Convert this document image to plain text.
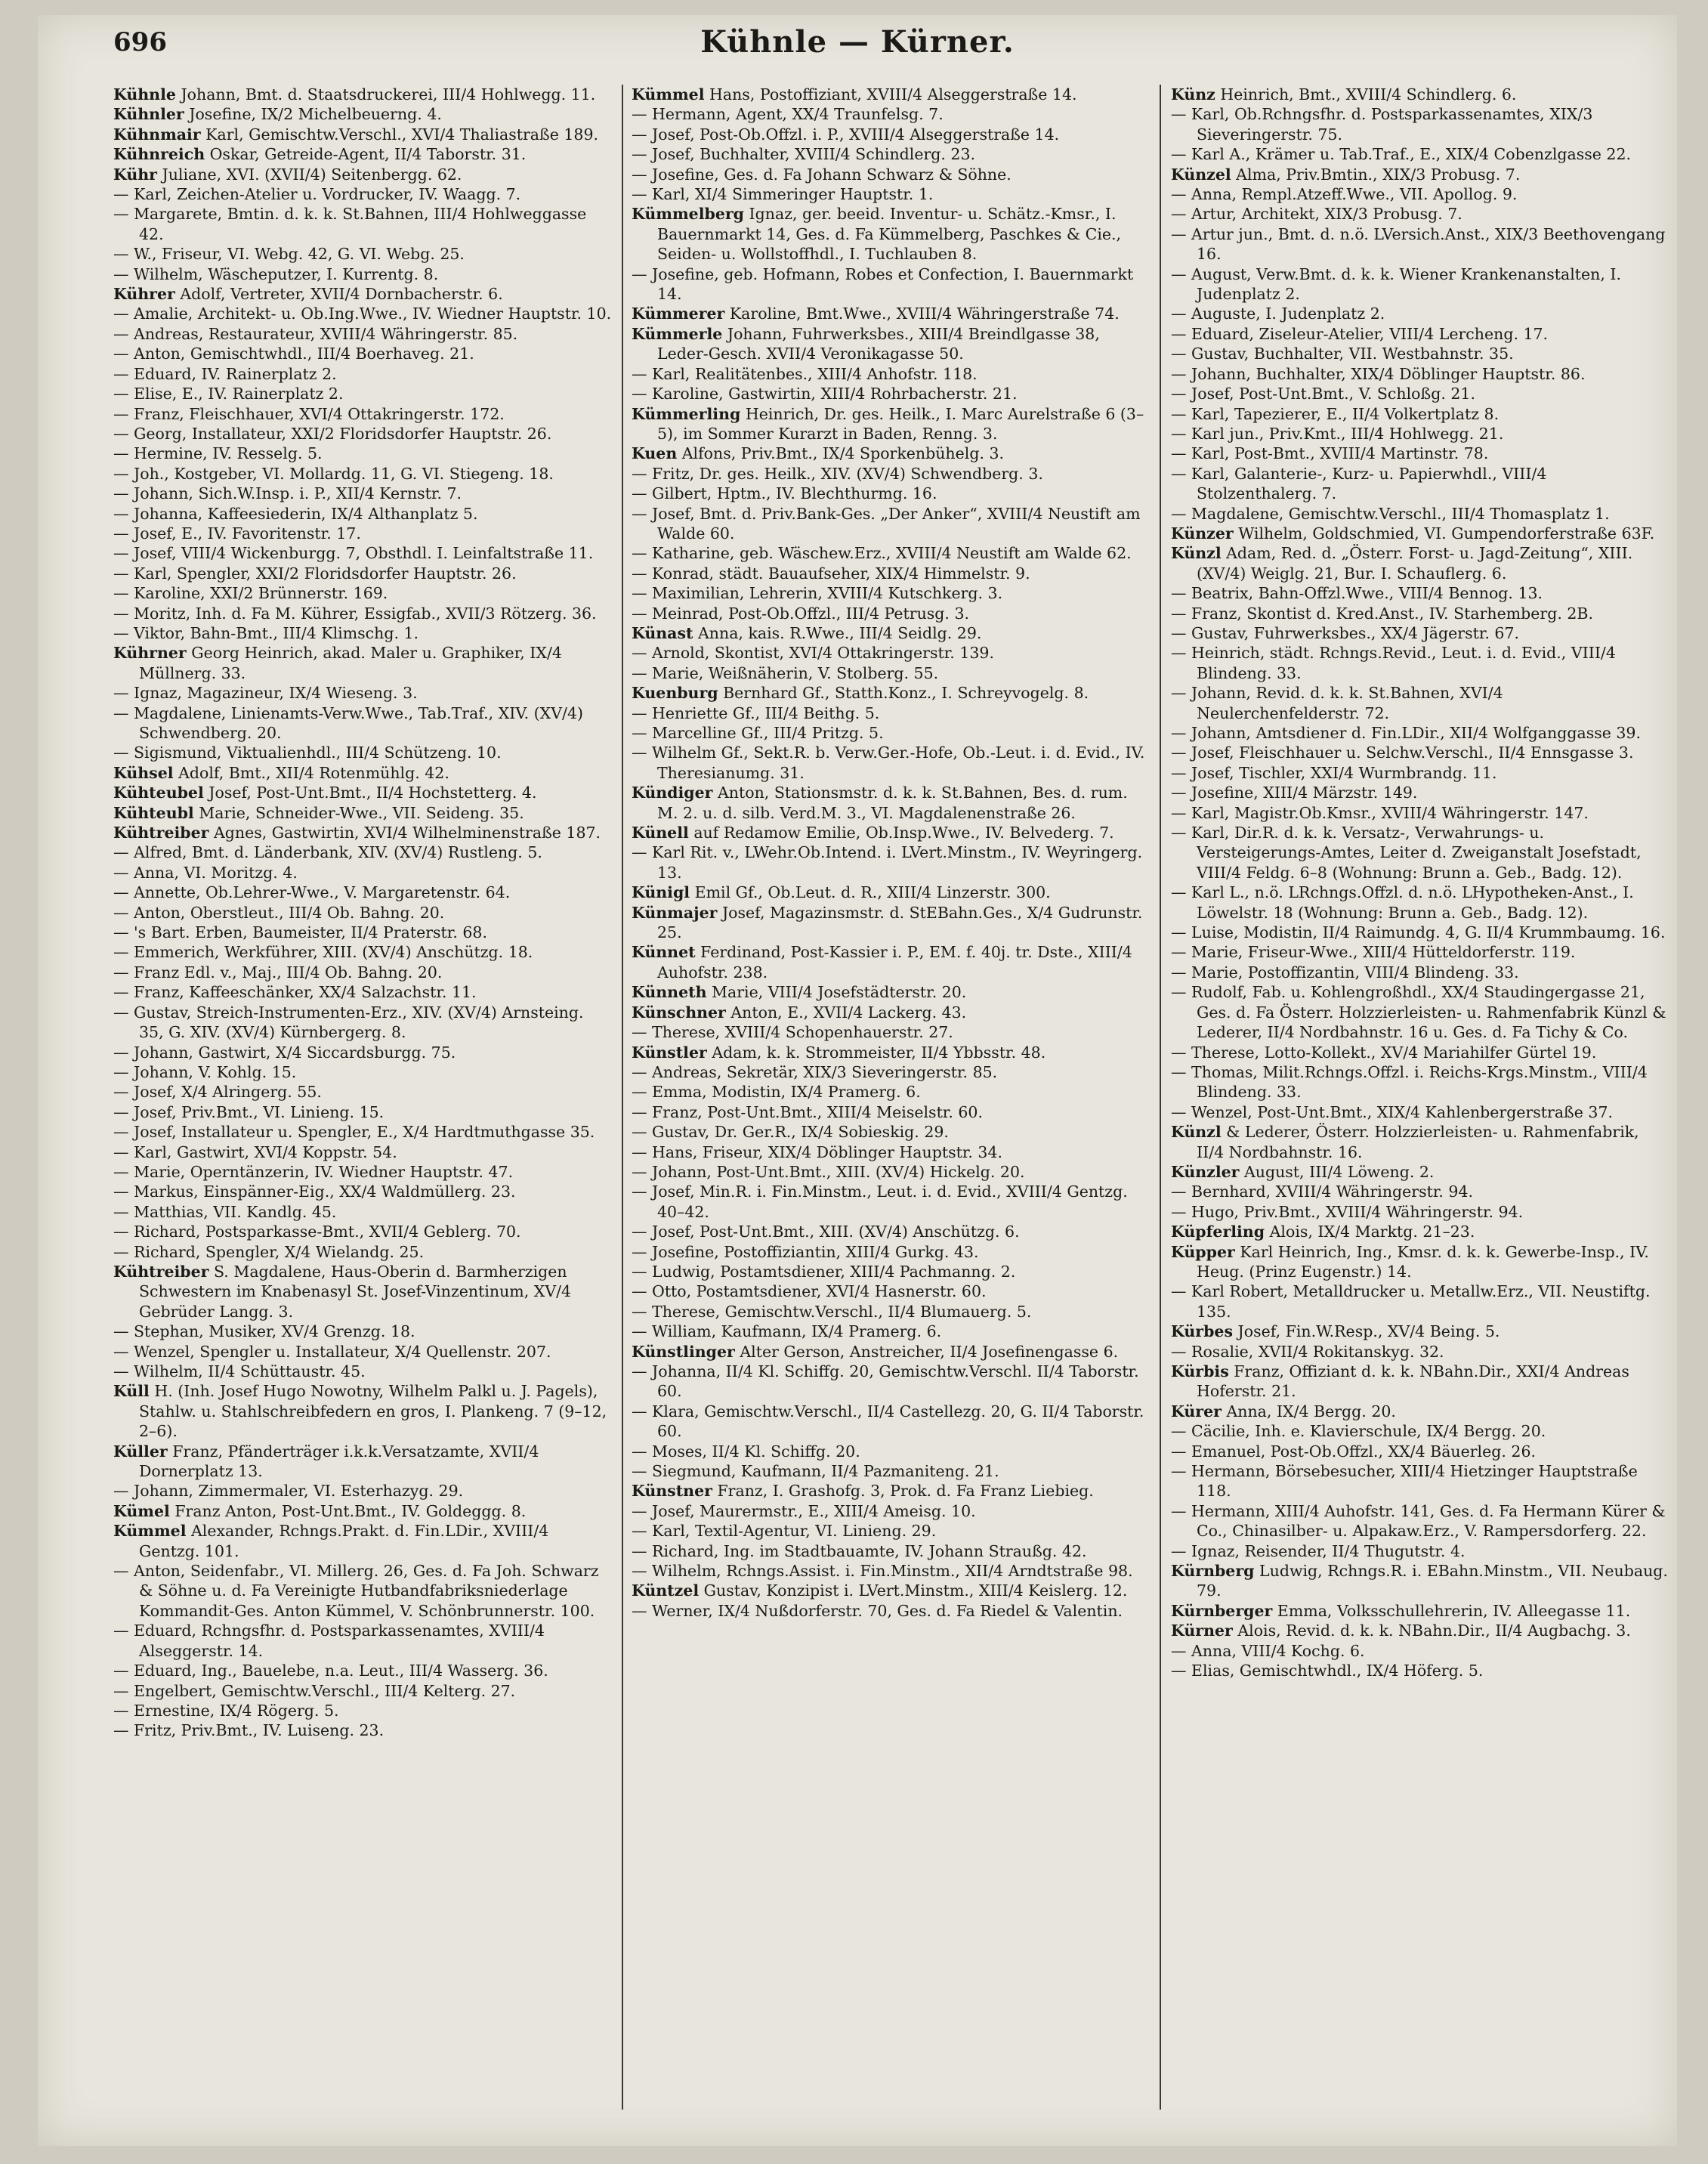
696	Kühnle — Kürner.

Kühnle Johann, Bmt. d. Staatsdruckerei, III/4 Hohlwegg. 11.

Kühnler Josefine, IX/2 Michelbeuerng. 4.

Kühnmair Karl, Gemischtw.Verschl., XVI/4 Thaliastraße 189.

Kühnreich Oskar, Getreide-Agent, II/4 Taborstr. 31.

Kühr Juliane, XVI. (XVII/4) Seitenbergg. 62.

— Karl, Zeichen-Atelier u. Vordrucker, IV. Waagg. 7.

— Margarete, Bmtin. d. k. k. St.Bahnen, III/4 Hohlweggasse 42.

— W., Friseur, VI. Webg. 42, G. VI. Webg. 25.

— Wilhelm, Wäscheputzer, I. Kurrentg. 8.

Kührer Adolf, Vertreter, XVII/4 Dornbacherstr. 6.

— Amalie, Architekt- u. Ob.Ing.Wwe., IV. Wiedner Hauptstr. 10.

— Andreas, Restaurateur, XVIII/4 Währingerstr. 85.

— Anton, Gemischtwhdl., III/4 Boerhaveg. 21.

— Eduard, IV. Rainerplatz 2.

— Elise, E., IV. Rainerplatz 2.

— Franz, Fleischhauer, XVI/4 Ottakringerstr. 172.

— Georg, Installateur, XXI/2 Floridsdorfer Hauptstr. 26.

— Hermine, IV. Resselg. 5.

— Joh., Kostgeber, VI. Mollardg. 11, G. VI. Stiegeng. 18.

— Johann, Sich.W.Insp. i. P., XII/4 Kernstr. 7.

— Johanna, Kaffeesiederin, IX/4 Althanplatz 5.

— Josef, E., IV. Favoritenstr. 17.

— Josef, VIII/4 Wickenburgg. 7, Obsthdl. I. Leinfaltstraße 11.

— Karl, Spengler, XXI/2 Floridsdorfer Hauptstr. 26.

— Karoline, XXI/2 Brünnerstr. 169.

— Moritz, Inh. d. Fa M. Kührer, Essigfab., XVII/3 Rötzerg. 36.

— Viktor, Bahn-Bmt., III/4 Klimschg. 1.

Kührner Georg Heinrich, akad. Maler u. Graphiker, IX/4 Müllnerg. 33.

— Ignaz, Magazineur, IX/4 Wieseng. 3.

— Magdalene, Linienamts-Verw.Wwe., Tab.Traf., XIV. (XV/4) Schwendberg. 20.

— Sigismund, Viktualienhdl., III/4 Schützeng. 10.

Kühsel Adolf, Bmt., XII/4 Rotenmühlg. 42.

Kühteubel Josef, Post-Unt.Bmt., II/4 Hochstetterg. 4.

Kühteubl Marie, Schneider-Wwe., VII. Seideng. 35.

Kühtreiber Agnes, Gastwirtin, XVI/4 Wilhelminenstraße 187.

— Alfred, Bmt. d. Länderbank, XIV. (XV/4) Rustleng. 5.

— Anna, VI. Moritzg. 4.

— Annette, Ob.Lehrer-Wwe., V. Margaretenstr. 64.

— Anton, Oberstleut., III/4 Ob. Bahng. 20.

— 's Bart. Erben, Baumeister, II/4 Praterstr. 68.

— Emmerich, Werkführer, XIII. (XV/4) Anschützg. 18.

— Franz Edl. v., Maj., III/4 Ob. Bahng. 20.

— Franz, Kaffeeschänker, XX/4 Salzachstr. 11.

— Gustav, Streich-Instrumenten-Erz., XIV. (XV/4) Arnsteing. 35, G. XIV. (XV/4) Kürnbergerg. 8.

— Johann, Gastwirt, X/4 Siccardsburgg. 75.

— Johann, V. Kohlg. 15.

— Josef, X/4 Alringerg. 55.

— Josef, Priv.Bmt., VI. Linieng. 15.

— Josef, Installateur u. Spengler, E., X/4 Hardtmuthgasse 35.

— Karl, Gastwirt, XVI/4 Koppstr. 54.

— Marie, Operntänzerin, IV. Wiedner Hauptstr. 47.

— Markus, Einspänner-Eig., XX/4 Waldmüllerg. 23.

— Matthias, VII. Kandlg. 45.

— Richard, Postsparkasse-Bmt., XVII/4 Geblerg. 70.

— Richard, Spengler, X/4 Wielandg. 25.

Kühtreiber S. Magdalene, Haus-Oberin d. Barmherzigen Schwestern im Knabenasyl St. Josef-Vinzentinum, XV/4 Gebrüder Langg. 3.

— Stephan, Musiker, XV/4 Grenzg. 18.

— Wenzel, Spengler u. Installateur, X/4 Quellenstr. 207.

— Wilhelm, II/4 Schüttaustr. 45.

Küll H. (Inh. Josef Hugo Nowotny, Wilhelm Palkl u. J. Pagels), Stahlw. u. Stahlschreibfedern en gros, I. Plankeng. 7 (9–12, 2–6).

Küller Franz, Pfänderträger i.k.k.Versatzamte, XVII/4 Dornerplatz 13.

— Johann, Zimmermaler, VI. Esterhazyg. 29.

Kümel Franz Anton, Post-Unt.Bmt., IV. Goldeggg. 8.

Kümmel Alexander, Rchngs.Prakt. d. Fin.LDir., XVIII/4 Gentzg. 101.

— Anton, Seidenfabr., VI. Millerg. 26, Ges. d. Fa Joh. Schwarz & Söhne u. d. Fa Vereinigte Hutbandfabriksniederlage Kommandit-Ges. Anton Kümmel, V. Schönbrunnerstr. 100.

— Eduard, Rchngsfhr. d. Postsparkassenamtes, XVIII/4 Alseggerstr. 14.

— Eduard, Ing., Bauelebe, n.a. Leut., III/4 Wasserg. 36.

— Engelbert, Gemischtw.Verschl., III/4 Kelterg. 27.

— Ernestine, IX/4 Rögerg. 5.

— Fritz, Priv.Bmt., IV. Luiseng. 23.

Kümmel Hans, Postoffiziant, XVIII/4 Alseggerstraße 14.

— Hermann, Agent, XX/4 Traunfelsg. 7.

— Josef, Post-Ob.Offzl. i. P., XVIII/4 Alseggerstraße 14.

— Josef, Buchhalter, XVIII/4 Schindlerg. 23.

— Josefine, Ges. d. Fa Johann Schwarz & Söhne.

— Karl, XI/4 Simmeringer Hauptstr. 1.

Kümmelberg Ignaz, ger. beeid. Inventur- u. Schätz.-Kmsr., I. Bauernmarkt 14, Ges. d. Fa Kümmelberg, Paschkes & Cie., Seiden- u. Wollstoffhdl., I. Tuchlauben 8.

— Josefine, geb. Hofmann, Robes et Confection, I. Bauernmarkt 14.

Kümmerer Karoline, Bmt.Wwe., XVIII/4 Währingerstraße 74.

Kümmerle Johann, Fuhrwerksbes., XIII/4 Breindlgasse 38, Leder-Gesch. XVII/4 Veronikagasse 50.

— Karl, Realitätenbes., XIII/4 Anhofstr. 118.

— Karoline, Gastwirtin, XIII/4 Rohrbacherstr. 21.

Kümmerling Heinrich, Dr. ges. Heilk., I. Marc Aurelstraße 6 (3–5), im Sommer Kurarzt in Baden, Renng. 3.

Kuen Alfons, Priv.Bmt., IX/4 Sporkenbühelg. 3.

— Fritz, Dr. ges. Heilk., XIV. (XV/4) Schwendberg. 3.

— Gilbert, Hptm., IV. Blechthurmg. 16.

— Josef, Bmt. d. Priv.Bank-Ges. „Der Anker“, XVIII/4 Neustift am Walde 60.

— Katharine, geb. Wäschew.Erz., XVIII/4 Neustift am Walde 62.

— Konrad, städt. Bauaufseher, XIX/4 Himmelstr. 9.

— Maximilian, Lehrerin, XVIII/4 Kutschkerg. 3.

— Meinrad, Post-Ob.Offzl., III/4 Petrusg. 3.

Künast Anna, kais. R.Wwe., III/4 Seidlg. 29.

— Arnold, Skontist, XVI/4 Ottakringerstr. 139.

— Marie, Weißnäherin, V. Stolberg. 55.

Kuenburg Bernhard Gf., Statth.Konz., I. Schreyvogelg. 8.

— Henriette Gf., III/4 Beithg. 5.

— Marcelline Gf., III/4 Pritzg. 5.

— Wilhelm Gf., Sekt.R. b. Verw.Ger.-Hofe, Ob.-Leut. i. d. Evid., IV. Theresianumg. 31.

Kündiger Anton, Stationsmstr. d. k. k. St.Bahnen, Bes. d. rum. M. 2. u. d. silb. Verd.M. 3., VI. Magdalenenstraße 26.

Künell auf Redamow Emilie, Ob.Insp.Wwe., IV. Belvederg. 7.

— Karl Rit. v., LWehr.Ob.Intend. i. LVert.Minstm., IV. Weyringerg. 13.

Künigl Emil Gf., Ob.Leut. d. R., XIII/4 Linzerstr. 300.

Künmajer Josef, Magazinsmstr. d. StEBahn.Ges., X/4 Gudrunstr. 25.

Künnet Ferdinand, Post-Kassier i. P., EM. f. 40j. tr. Dste., XIII/4 Auhofstr. 238.

Künneth Marie, VIII/4 Josefstädterstr. 20.

Künschner Anton, E., XVII/4 Lackerg. 43.

— Therese, XVIII/4 Schopenhauerstr. 27.

Künstler Adam, k. k. Strommeister, II/4 Ybbsstr. 48.

— Andreas, Sekretär, XIX/3 Sieveringerstr. 85.

— Emma, Modistin, IX/4 Pramerg. 6.

— Franz, Post-Unt.Bmt., XIII/4 Meiselstr. 60.

— Gustav, Dr. Ger.R., IX/4 Sobieskig. 29.

— Hans, Friseur, XIX/4 Döblinger Hauptstr. 34.

— Johann, Post-Unt.Bmt., XIII. (XV/4) Hickelg. 20.

— Josef, Min.R. i. Fin.Minstm., Leut. i. d. Evid., XVIII/4 Gentzg. 40–42.

— Josef, Post-Unt.Bmt., XIII. (XV/4) Anschützg. 6.

— Josefine, Postoffiziantin, XIII/4 Gurkg. 43.

— Ludwig, Postamtsdiener, XIII/4 Pachmanng. 2.

— Otto, Postamtsdiener, XVI/4 Hasnerstr. 60.

— Therese, Gemischtw.Verschl., II/4 Blumauerg. 5.

— William, Kaufmann, IX/4 Pramerg. 6.

Künstlinger Alter Gerson, Anstreicher, II/4 Josefinengasse 6.

— Johanna, II/4 Kl. Schiffg. 20, Gemischtw.Verschl. II/4 Taborstr. 60.

— Klara, Gemischtw.Verschl., II/4 Castellezg. 20, G. II/4 Taborstr. 60.

— Moses, II/4 Kl. Schiffg. 20.

— Siegmund, Kaufmann, II/4 Pazmaniteng. 21.

Künstner Franz, I. Grashofg. 3, Prok. d. Fa Franz Liebieg.

— Josef, Maurermstr., E., XIII/4 Ameisg. 10.

— Karl, Textil-Agentur, VI. Linieng. 29.

— Richard, Ing. im Stadtbauamte, IV. Johann Straußg. 42.

— Wilhelm, Rchngs.Assist. i. Fin.Minstm., XII/4 Arndtstraße 98.

Küntzel Gustav, Konzipist i. LVert.Minstm., XIII/4 Keislerg. 12.

— Werner, IX/4 Nußdorferstr. 70, Ges. d. Fa Riedel & Valentin.

Künz Heinrich, Bmt., XVIII/4 Schindlerg. 6.

— Karl, Ob.Rchngsfhr. d. Postsparkassenamtes, XIX/3 Sieveringerstr. 75.

— Karl A., Krämer u. Tab.Traf., E., XIX/4 Cobenzlgasse 22.

Künzel Alma, Priv.Bmtin., XIX/3 Probusg. 7.

— Anna, Rempl.Atzeff.Wwe., VII. Apollog. 9.

— Artur, Architekt, XIX/3 Probusg. 7.

— Artur jun., Bmt. d. n.ö. LVersich.Anst., XIX/3 Beethovengang 16.

— August, Verw.Bmt. d. k. k. Wiener Krankenanstalten, I. Judenplatz 2.

— Auguste, I. Judenplatz 2.

— Eduard, Ziseleur-Atelier, VIII/4 Lercheng. 17.

— Gustav, Buchhalter, VII. Westbahnstr. 35.

— Johann, Buchhalter, XIX/4 Döblinger Hauptstr. 86.

— Josef, Post-Unt.Bmt., V. Schloßg. 21.

— Karl, Tapezierer, E., II/4 Volkertplatz 8.

— Karl jun., Priv.Kmt., III/4 Hohlwegg. 21.

— Karl, Post-Bmt., XVIII/4 Martinstr. 78.

— Karl, Galanterie-, Kurz- u. Papierwhdl., VIII/4 Stolzenthalerg. 7.

— Magdalene, Gemischtw.Verschl., III/4 Thomasplatz 1.

Künzer Wilhelm, Goldschmied, VI. Gumpendorferstraße 63F.

Künzl Adam, Red. d. „Österr. Forst- u. Jagd-Zeitung“, XIII. (XV/4) Weiglg. 21, Bur. I. Schauflerg. 6.

— Beatrix, Bahn-Offzl.Wwe., VIII/4 Bennog. 13.

— Franz, Skontist d. Kred.Anst., IV. Starhemberg. 2B.

— Gustav, Fuhrwerksbes., XX/4 Jägerstr. 67.

— Heinrich, städt. Rchngs.Revid., Leut. i. d. Evid., VIII/4 Blindeng. 33.

— Johann, Revid. d. k. k. St.Bahnen, XVI/4 Neulerchenfelderstr. 72.

— Johann, Amtsdiener d. Fin.LDir., XII/4 Wolfganggasse 39.

— Josef, Fleischhauer u. Selchw.Verschl., II/4 Ennsgasse 3.

— Josef, Tischler, XXI/4 Wurmbrandg. 11.

— Josefine, XIII/4 Märzstr. 149.

— Karl, Magistr.Ob.Kmsr., XVIII/4 Währingerstr. 147.

— Karl, Dir.R. d. k. k. Versatz-, Verwahrungs- u. Versteigerungs-Amtes, Leiter d. Zweiganstalt Josefstadt, VIII/4 Feldg. 6–8 (Wohnung: Brunn a. Geb., Badg. 12).

— Karl L., n.ö. LRchngs.Offzl. d. n.ö. LHypotheken-Anst., I. Löwelstr. 18 (Wohnung: Brunn a. Geb., Badg. 12).

— Luise, Modistin, II/4 Raimundg. 4, G. II/4 Krummbaumg. 16.

— Marie, Friseur-Wwe., XIII/4 Hütteldorferstr. 119.

— Marie, Postoffizantin, VIII/4 Blindeng. 33.

— Rudolf, Fab. u. Kohlengroßhdl., XX/4 Staudingergasse 21, Ges. d. Fa Österr. Holzzierleisten- u. Rahmenfabrik Künzl & Lederer, II/4 Nordbahnstr. 16 u. Ges. d. Fa Tichy & Co.

— Therese, Lotto-Kollekt., XV/4 Mariahilfer Gürtel 19.

— Thomas, Milit.Rchngs.Offzl. i. Reichs-Krgs.Minstm., VIII/4 Blindeng. 33.

— Wenzel, Post-Unt.Bmt., XIX/4 Kahlenbergerstraße 37.

Künzl & Lederer, Österr. Holzzierleisten- u. Rahmenfabrik, II/4 Nordbahnstr. 16.

Künzler August, III/4 Löweng. 2.

— Bernhard, XVIII/4 Währingerstr. 94.

— Hugo, Priv.Bmt., XVIII/4 Währingerstr. 94.

Küpferling Alois, IX/4 Marktg. 21–23.

Küpper Karl Heinrich, Ing., Kmsr. d. k. k. Gewerbe-Insp., IV. Heug. (Prinz Eugenstr.) 14.

— Karl Robert, Metalldrucker u. Metallw.Erz., VII. Neustiftg. 135.

Kürbes Josef, Fin.W.Resp., XV/4 Being. 5.

— Rosalie, XVII/4 Rokitanskyg. 32.

Kürbis Franz, Offiziant d. k. k. NBahn.Dir., XXI/4 Andreas Hoferstr. 21.

Kürer Anna, IX/4 Bergg. 20.

— Cäcilie, Inh. e. Klavierschule, IX/4 Bergg. 20.

— Emanuel, Post-Ob.Offzl., XX/4 Bäuerleg. 26.

— Hermann, Börsebesucher, XIII/4 Hietzinger Hauptstraße 118.

— Hermann, XIII/4 Auhofstr. 141, Ges. d. Fa Hermann Kürer & Co., Chinasilber- u. Alpakaw.Erz., V. Rampersdorferg. 22.

— Ignaz, Reisender, II/4 Thugutstr. 4.

Kürnberg Ludwig, Rchngs.R. i. EBahn.Minstm., VII. Neubaug. 79.

Kürnberger Emma, Volksschullehrerin, IV. Alleegasse 11.

Kürner Alois, Revid. d. k. k. NBahn.Dir., II/4 Augbachg. 3.

— Anna, VIII/4 Kochg. 6.

— Elias, Gemischtwhdl., IX/4 Höferg. 5.
